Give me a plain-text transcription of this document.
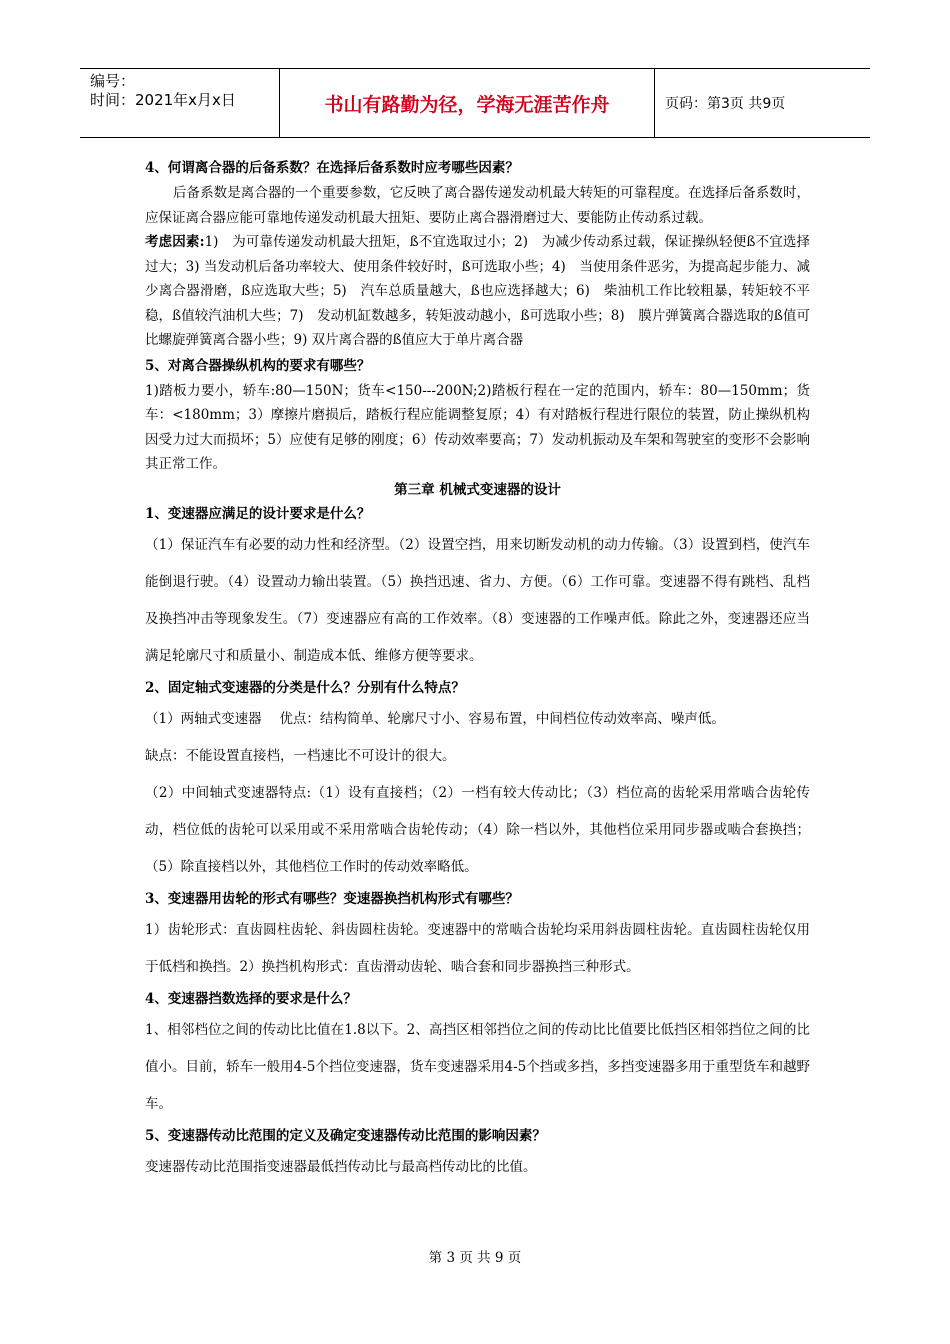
编号：
时间：2021年x月x日	书山有路勤为径，学海无涯苦作舟	页码：第3页 共9页
4、何谓离合器的后备系数？在选择后备系数时应考哪些因素？

后备系数是离合器的一个重要参数，它反映了离合器传递发动机最大转矩的可靠程度。在选择后备系数时，应保证离合器应能可靠地传递发动机最大扭矩、要防止离合器滑磨过大、要能防止传动系过载。

考虑因素:1)　为可靠传递发动机最大扭矩，ß不宜选取过小；2)　为减少传动系过载，保证操纵轻便ß不宜选择过大；3) 当发动机后备功率较大、使用条件较好时，ß可选取小些；4)　当使用条件恶劣，为提高起步能力、减少离合器滑磨，ß应选取大些；5)　汽车总质量越大，ß也应选择越大；6)　柴油机工作比较粗暴，转矩较不平稳，ß值较汽油机大些；7)　发动机缸数越多，转矩波动越小，ß可选取小些；8)　膜片弹簧离合器选取的ß值可比螺旋弹簧离合器小些；9) 双片离合器的ß值应大于单片离合器

5、对离合器操纵机构的要求有哪些？

1)踏板力要小，轿车:80—150N；货车<150---200N;2)踏板行程在一定的范围内，轿车：80—150mm；货车：<180mm；3）摩擦片磨损后，踏板行程应能调整复原；4）有对踏板行程进行限位的装置，防止操纵机构因受力过大而损坏；5）应使有足够的刚度；6）传动效率要高；7）发动机振动及车架和驾驶室的变形不会影响其正常工作。

第三章 机械式变速器的设计
1、变速器应满足的设计要求是什么？

（1）保证汽车有必要的动力性和经济型。（2）设置空挡，用来切断发动机的动力传输。（3）设置到档，使汽车能倒退行驶。（4）设置动力输出装置。（5）换挡迅速、省力、方便。（6）工作可靠。变速器不得有跳档、乱档及换挡冲击等现象发生。（7）变速器应有高的工作效率。（8）变速器的工作噪声低。除此之外，变速器还应当满足轮廓尺寸和质量小、制造成本低、维修方便等要求。

2、固定轴式变速器的分类是什么？分别有什么特点？

（1）两轴式变速器　 优点：结构简单、轮廓尺寸小、容易布置，中间档位传动效率高、噪声低。

缺点：不能设置直接档，一档速比不可设计的很大。

（2）中间轴式变速器特点:（1）设有直接档；（2）一档有较大传动比；（3）档位高的齿轮采用常啮合齿轮传动，档位低的齿轮可以采用或不采用常啮合齿轮传动；（4）除一档以外，其他档位采用同步器或啮合套换挡；（5）除直接档以外，其他档位工作时的传动效率略低。

3、变速器用齿轮的形式有哪些？变速器换挡机构形式有哪些？

1）齿轮形式：直齿圆柱齿轮、斜齿圆柱齿轮。变速器中的常啮合齿轮均采用斜齿圆柱齿轮。直齿圆柱齿轮仅用于低档和换挡。2）换挡机构形式：直齿滑动齿轮、啮合套和同步器换挡三种形式。

4、变速器挡数选择的要求是什么？

1、相邻档位之间的传动比比值在1.8以下。2、高挡区相邻挡位之间的传动比比值要比低挡区相邻挡位之间的比值小。目前，轿车一般用4-5个挡位变速器，货车变速器采用4-5个挡或多挡，多挡变速器多用于重型货车和越野车。

5、变速器传动比范围的定义及确定变速器传动比范围的影响因素？

变速器传动比范围指变速器最低挡传动比与最高档传动比的比值。

第 3 页 共 9 页
